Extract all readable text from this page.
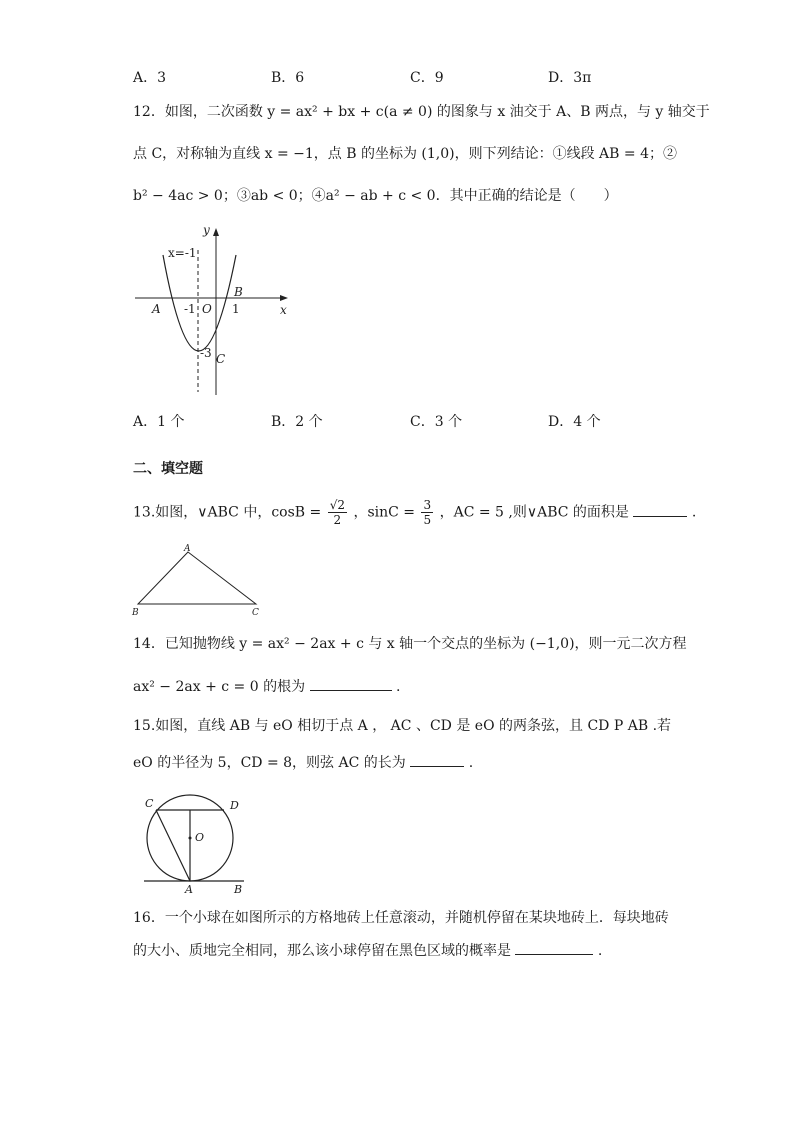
A．3	B．6	C．9	D．3π
12．如图，二次函数 y = ax² + bx + c(a ≠ 0) 的图象与 x 油交于 A、B 两点，与 y 轴交于
点 C，对称轴为直线 x = −1，点 B 的坐标为 (1,0)，则下列结论：①线段 AB = 4；②
b² − 4ac > 0；③ab < 0；④a² − ab + c < 0．其中正确的结论是（　　）
y
x
x=-1
A
B
-1 O 1
-3 C
A．1 个	B．2 个	C．3 个	D．4 个
二、填空题
13.如图，∨ABC 中，$\cos B = \frac{√2}{2}$ ，$\sin C = \frac{3}{5}$ ，AC = 5 ,则∨ABC 的面积是	.
A
B	C
14．已知抛物线 y = ax² − 2ax + c 与 x 轴一个交点的坐标为 (−1,0)，则一元二次方程
ax² − 2ax + c = 0 的根为	.
15.如图，直线 AB 与 eO 相切于点 A ， AC 、CD 是 eO 的两条弦，且 CD P AB .若
eO 的半径为 5，CD = 8，则弦 AC 的长为	.
C	D
O
A	B
16．一个小球在如图所示的方格地砖上任意滚动，并随机停留在某块地砖上．每块地砖
的大小、质地完全相同，那么该小球停留在黑色区域的概率是	.
